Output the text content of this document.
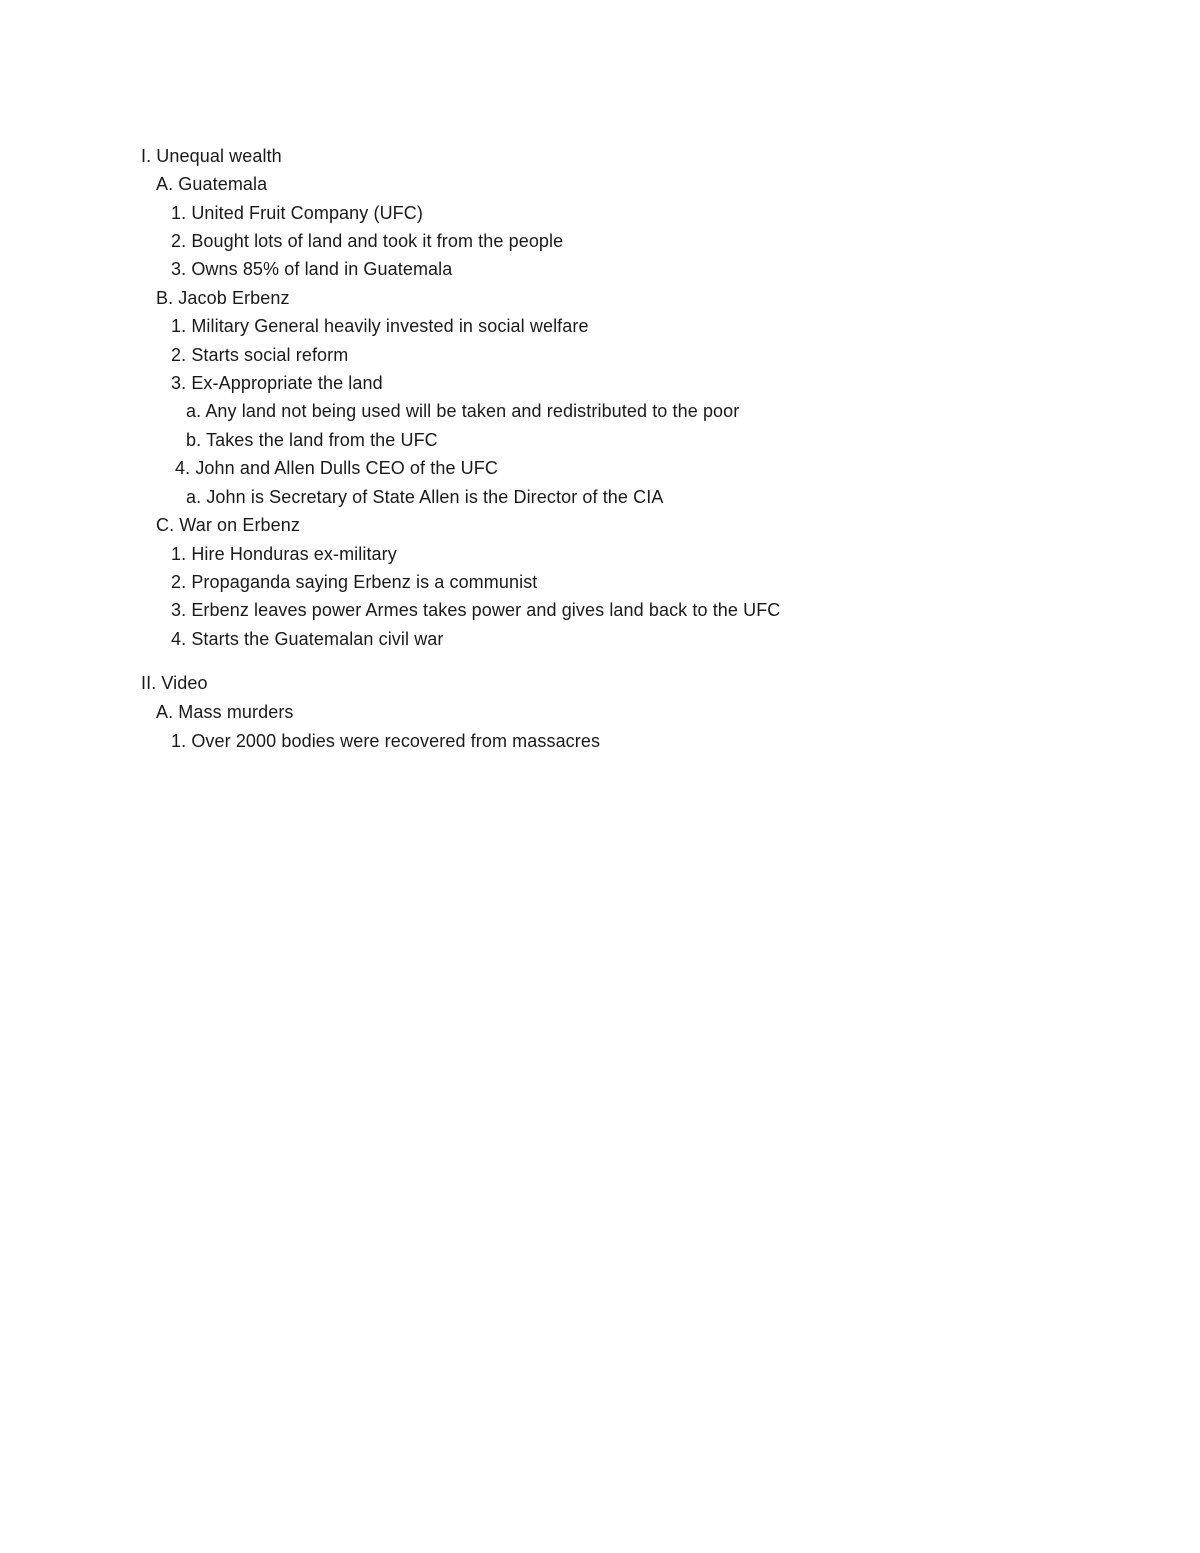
I. Unequal wealth
A. Guatemala
1. United Fruit Company (UFC)
2. Bought lots of land and took it from the people
3. Owns 85% of land in Guatemala
B. Jacob Erbenz
1. Military General heavily invested in social welfare
2. Starts social reform
3. Ex-Appropriate the land
a. Any land not being used will be taken and redistributed to the poor
b. Takes the land from the UFC
4. John and Allen Dulls CEO of the UFC
a. John is Secretary of State Allen is the Director of the CIA
C. War on Erbenz
1. Hire Honduras ex-military
2. Propaganda saying Erbenz is a communist
3. Erbenz leaves power Armes takes power and gives land back to the UFC
4. Starts the Guatemalan civil war
II. Video
A. Mass murders
1. Over 2000 bodies were recovered from massacres
